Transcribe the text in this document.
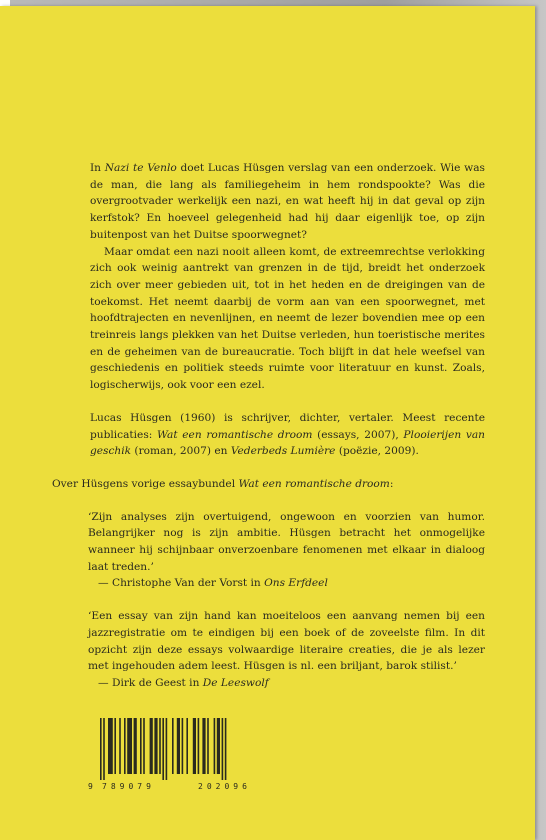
In Nazi te Venlo doet Lucas Hüsgen verslag van een onderzoek. Wie was de man, die lang als familiegeheim in hem rondspookte? Was die overgrootvader werkelijk een nazi, en wat heeft hij in dat geval op zijn kerfstok? En hoeveel gelegenheid had hij daar eigenlijk toe, op zijn buitenpost van het Duitse spoorwegnet?

Maar omdat een nazi nooit alleen komt, de extreemrechtse verlokking zich ook weinig aantrekt van grenzen in de tijd, breidt het onderzoek zich over meer gebieden uit, tot in het heden en de dreigingen van de toekomst. Het neemt daarbij de vorm aan van een spoorwegnet, met hoofdtrajecten en nevenlijnen, en neemt de lezer bovendien mee op een treinreis langs plekken van het Duitse verleden, hun toeristische merites en de geheimen van de bureaucratie. Toch blijft in dat hele weefsel van geschiedenis en politiek steeds ruimte voor literatuur en kunst. Zoals, logischerwijs, ook voor een ezel.

Lucas Hüsgen (1960) is schrijver, dichter, vertaler. Meest recente publicaties: Wat een romantische droom (essays, 2007), Plooierijen van geschik (roman, 2007) en Vederbeds Lumière (poëzie, 2009).

Over Hüsgens vorige essaybundel Wat een romantische droom:

‘Zijn analyses zijn overtuigend, ongewoon en voorzien van humor. Belangrijker nog is zijn ambitie. Hüsgen betracht het onmogelijke wanneer hij schijnbaar onverzoenbare fenomenen met elkaar in dialoog laat treden.’

— Christophe Van der Vorst in Ons Erfdeel

‘Een essay van zijn hand kan moeiteloos een aanvang nemen bij een jazzregistratie om te eindigen bij een boek of de zoveelste film. In dit opzicht zijn deze essays volwaardige literaire creaties, die je als lezer met ingehouden adem leest. Hüsgen is nl. een briljant, barok stilist.’

— Dirk de Geest in De Leeswolf

9 789079	202096
